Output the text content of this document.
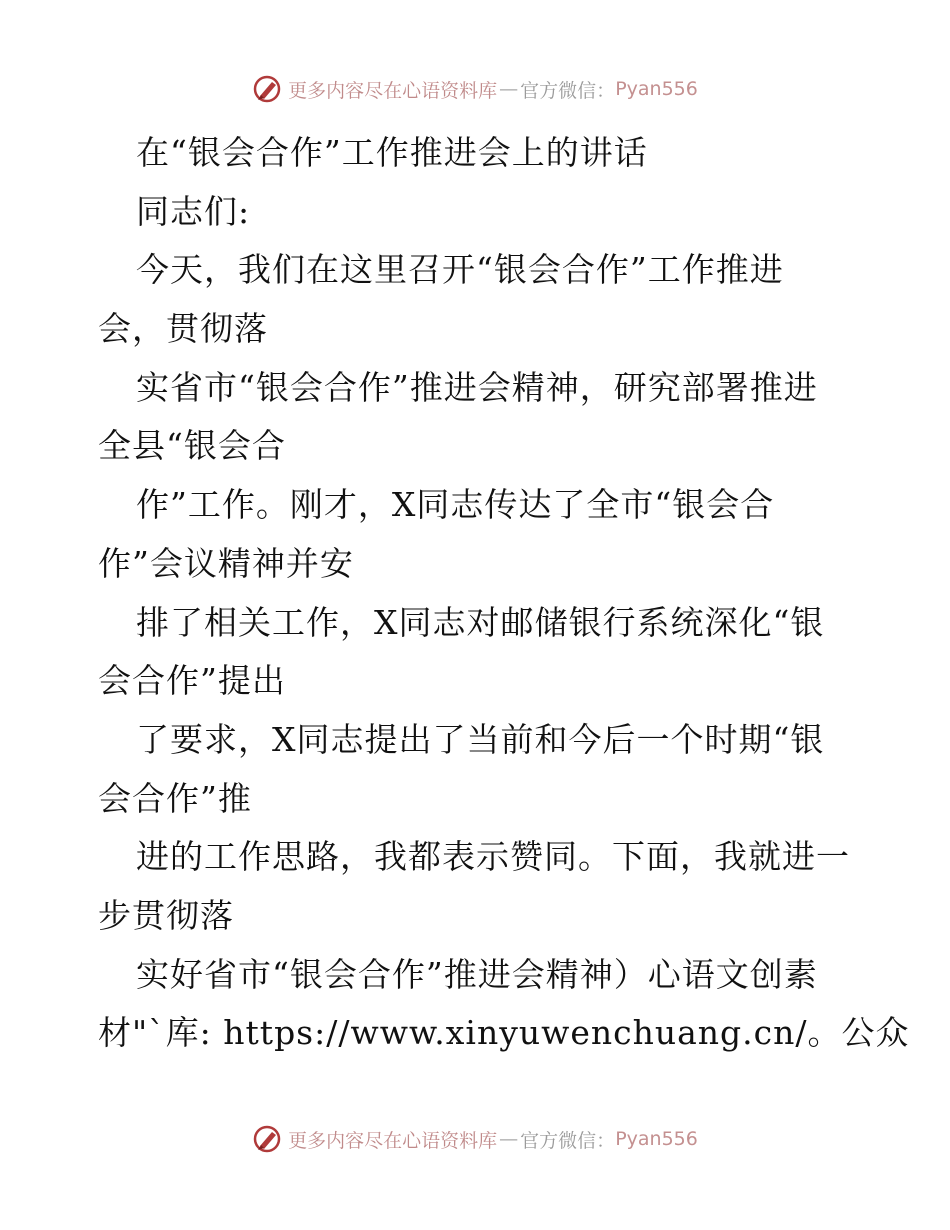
更多内容尽在心语资料库 — 官方微信： Pyan556
在“银会合作”工作推进会上的讲话
同志们:
今天，我们在这里召开“银会合作”工作推进
会，贯彻落
实省市“银会合作”推进会精神，研究部署推进
全县“银会合
作”工作。刚才，X同志传达了全市“银会合
作”会议精神并安
排了相关工作，X同志对邮储银行系统深化“银
会合作”提出
了要求，X同志提出了当前和今后一个时期“银
会合作”推
进的工作思路，我都表示赞同。下面，我就进一
步贯彻落
实好省市“银会合作”推进会精神）心语文创素
材"`库: https://www.xinyuwenchuang.cn/。公众
更多内容尽在心语资料库 — 官方微信： Pyan556
